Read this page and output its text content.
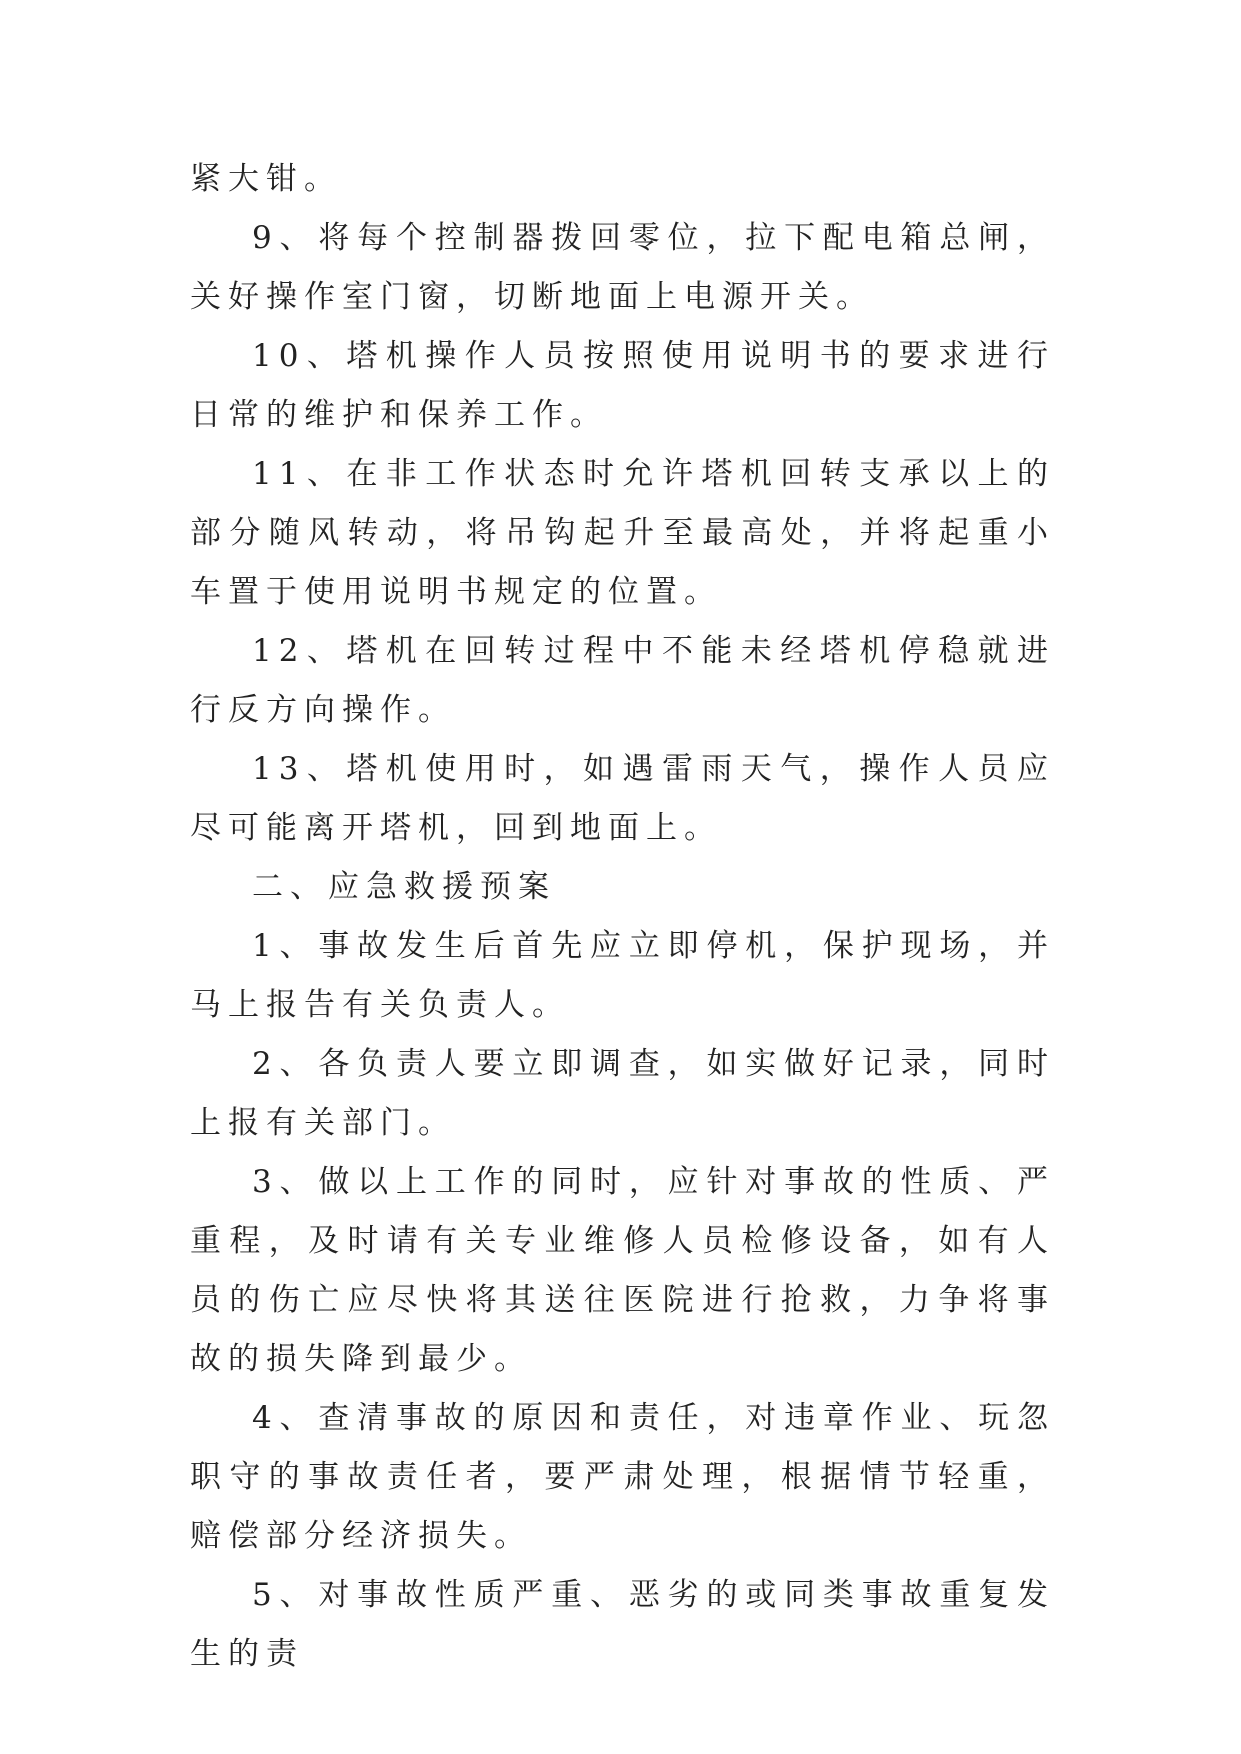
紧大钳。

9、将每个控制器拨回零位，拉下配电箱总闸，关好操作室门窗，切断地面上电源开关。

10、塔机操作人员按照使用说明书的要求进行日常的维护和保养工作。

11、在非工作状态时允许塔机回转支承以上的部分随风转动，将吊钩起升至最高处，并将起重小车置于使用说明书规定的位置。

12、塔机在回转过程中不能未经塔机停稳就进行反方向操作。

13、塔机使用时，如遇雷雨天气，操作人员应尽可能离开塔机，回到地面上。

二、应急救援预案

1、事故发生后首先应立即停机，保护现场，并马上报告有关负责人。

2、各负责人要立即调查，如实做好记录，同时上报有关部门。

3、做以上工作的同时，应针对事故的性质、严重程，及时请有关专业维修人员检修设备，如有人员的伤亡应尽快将其送往医院进行抢救，力争将事故的损失降到最少。

4、查清事故的原因和责任，对违章作业、玩忽职守的事故责任者，要严肃处理，根据情节轻重，赔偿部分经济损失。

5、对事故性质严重、恶劣的或同类事故重复发生的责
